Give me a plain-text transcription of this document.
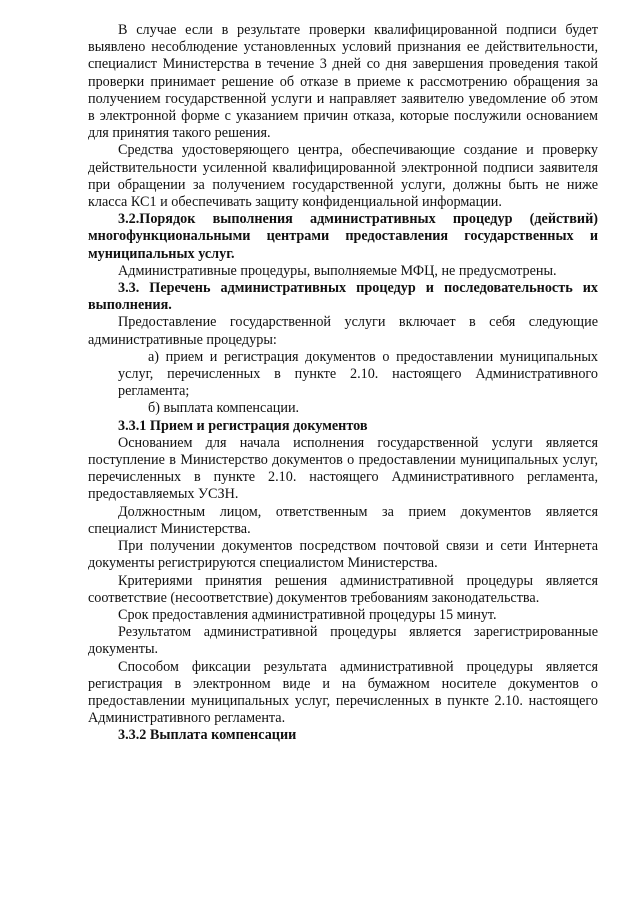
В случае если в результате проверки квалифицированной подписи будет выявлено несоблюдение установленных условий признания ее действительности, специалист Министерства в течение 3 дней со дня завершения проведения такой проверки принимает решение об отказе в приеме к рассмотрению обращения за получением государственной услуги и направляет заявителю уведомление об этом в электронной форме с указанием причин отказа, которые послужили основанием для принятия такого решения.

Средства удостоверяющего центра, обеспечивающие создание и проверку действительности усиленной квалифицированной электронной подписи заявителя при обращении за получением государственной услуги, должны быть не ниже класса КС1 и обеспечивать защиту конфиденциальной информации.

3.2.Порядок выполнения административных процедур (действий) многофункциональными центрами предоставления государственных и муниципальных услуг.

Административные процедуры, выполняемые МФЦ, не предусмотрены.

3.3. Перечень административных процедур и последовательность их выполнения.

Предоставление государственной услуги включает в себя следующие административные процедуры:

а) прием и регистрация документов о предоставлении муниципальных услуг, перечисленных в пункте 2.10. настоящего Административного регламента;

б) выплата компенсации.

3.3.1 Прием и регистрация документов

Основанием для начала исполнения государственной услуги является поступление в Министерство документов о предоставлении муниципальных услуг, перечисленных в пункте 2.10. настоящего Административного регламента, предоставляемых УСЗН.

Должностным лицом, ответственным за прием документов является специалист Министерства.

При получении документов посредством почтовой связи и сети Интернета документы регистрируются специалистом Министерства.

Критериями принятия решения административной процедуры является соответствие (несоответствие) документов требованиям законодательства.

Срок предоставления административной процедуры 15 минут.

Результатом административной процедуры является зарегистрированные документы.

Способом фиксации результата административной процедуры является регистрация в электронном виде и на бумажном носителе документов о предоставлении муниципальных услуг, перечисленных в пункте 2.10. настоящего Административного регламента.

3.3.2 Выплата компенсации
